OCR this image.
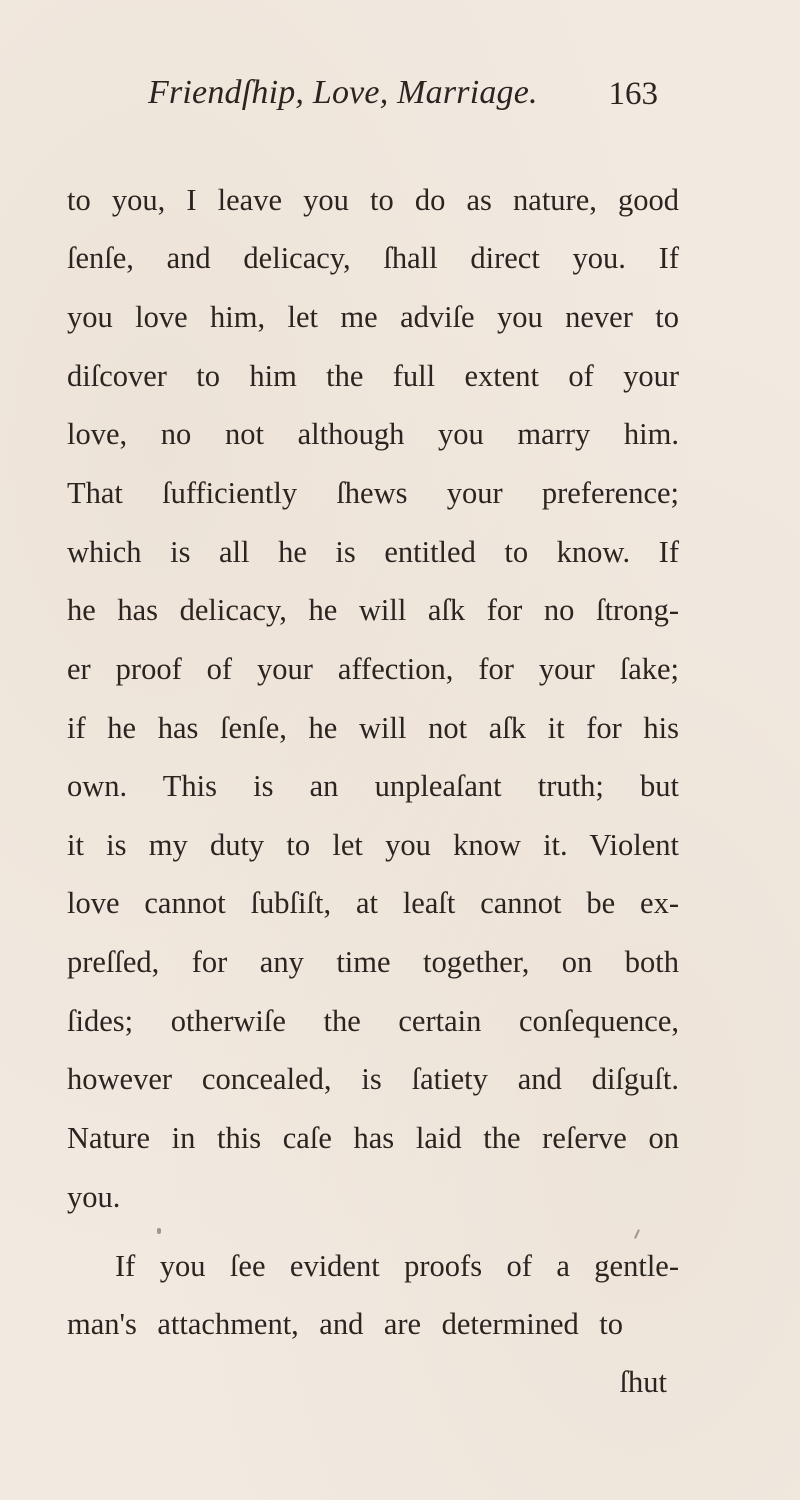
Friendſhip, Love, Marriage. 163
to you, I leave you to do as nature, good
ſenſe, and delicacy, ſhall direct you. If
you love him, let me adviſe you never to
diſcover to him the full extent of your
love, no not although you marry him.
That ſufficiently ſhews your preference;
which is all he is entitled to know. If
he has delicacy, he will aſk for no ſtrong-
er proof of your affection, for your ſake;
if he has ſenſe, he will not aſk it for his
own. This is an unpleaſant truth; but
it is my duty to let you know it. Violent
love cannot ſubſiſt, at leaſt cannot be ex-
preſſed, for any time together, on both
ſides; otherwiſe the certain conſequence,
however concealed, is ſatiety and diſguſt.
Nature in this caſe has laid the reſerve on
you.
If you ſee evident proofs of a gentle-
man's attachment, and are determined to
ſhut
